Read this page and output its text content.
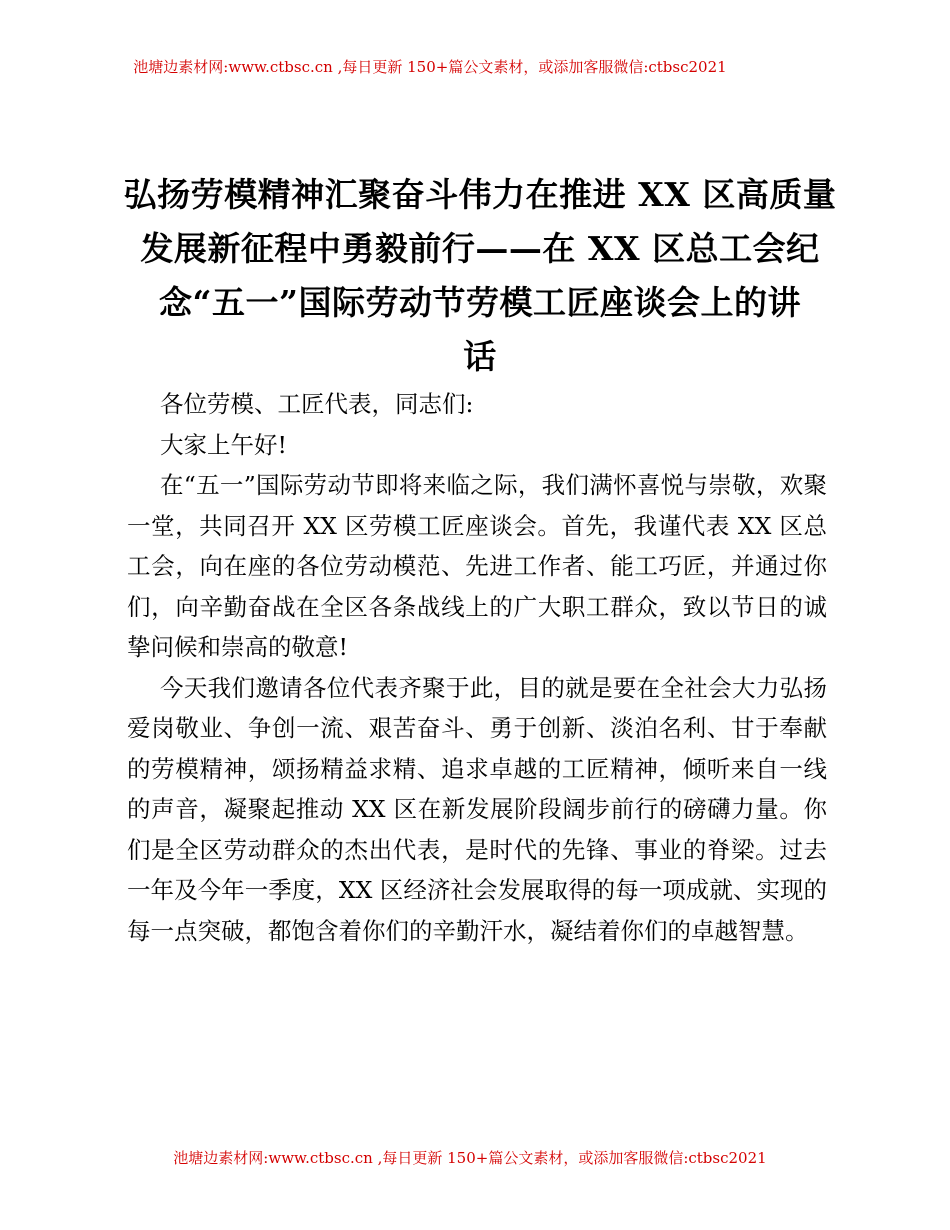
池塘边素材网:www.ctbsc.cn ,每日更新 150+篇公文素材，或添加客服微信:ctbsc2021
弘扬劳模精神汇聚奋斗伟力在推进 XX 区高质量
发展新征程中勇毅前行——在 XX 区总工会纪
念“五一”国际劳动节劳模工匠座谈会上的讲
话

各位劳模、工匠代表，同志们:

大家上午好!

在“五一”国际劳动节即将来临之际，我们满怀喜悦与崇敬，欢聚一堂，共同召开 XX 区劳模工匠座谈会。首先，我谨代表 XX 区总工会，向在座的各位劳动模范、先进工作者、能工巧匠，并通过你们，向辛勤奋战在全区各条战线上的广大职工群众，致以节日的诚挚问候和崇高的敬意!

今天我们邀请各位代表齐聚于此，目的就是要在全社会大力弘扬爱岗敬业、争创一流、艰苦奋斗、勇于创新、淡泊名利、甘于奉献的劳模精神，颂扬精益求精、追求卓越的工匠精神，倾听来自一线的声音，凝聚起推动 XX 区在新发展阶段阔步前行的磅礴力量。你们是全区劳动群众的杰出代表，是时代的先锋、事业的脊梁。过去一年及今年一季度，XX 区经济社会发展取得的每一项成就、实现的每一点突破，都饱含着你们的辛勤汗水，凝结着你们的卓越智慧。

池塘边素材网:www.ctbsc.cn ,每日更新 150+篇公文素材，或添加客服微信:ctbsc2021
